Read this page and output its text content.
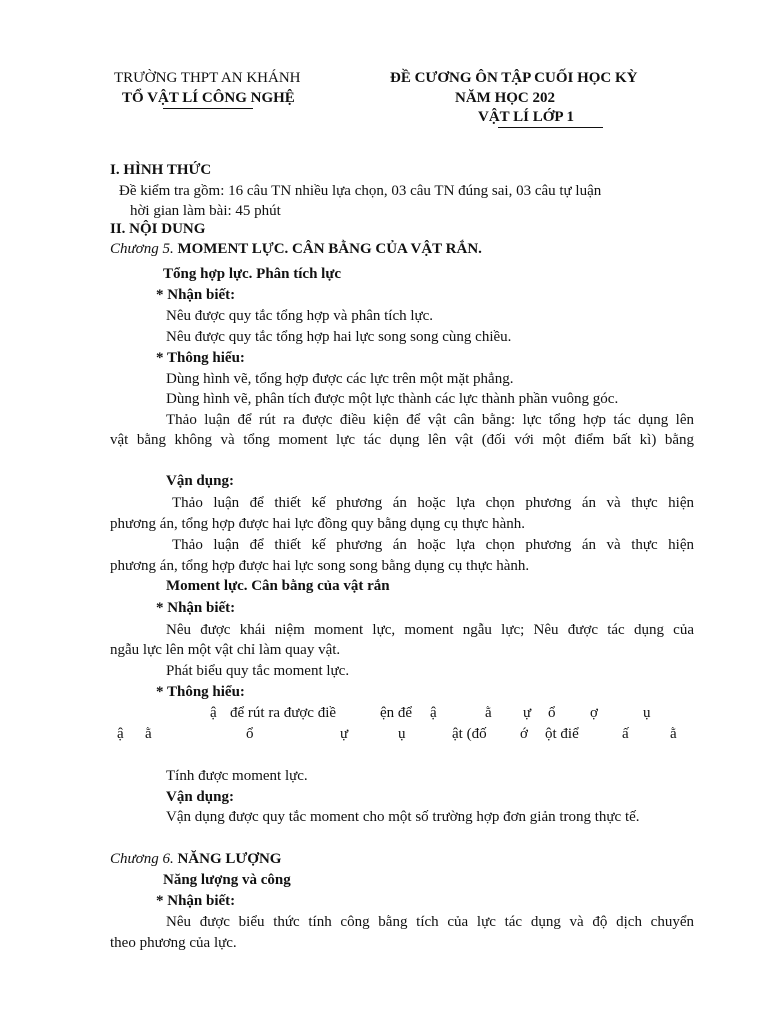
TRƯỜNG THPT AN KHÁNH
TỔ VẬT LÍ CÔNG NGHỆ
ĐỀ CƯƠNG ÔN TẬP CUỐI HỌC KỲ
NĂM HỌC 202
VẬT LÍ LỚP 1
I. HÌNH THỨC
Đề kiểm tra gồm: 16 câu TN nhiều lựa chọn, 03 câu TN đúng sai, 03 câu tự luận
hời gian làm bài: 45 phút
II. NỘI DUNG
Chương 5. MOMENT LỰC. CÂN BẰNG CỦA VẬT RẮN.
Tổng hợp lực. Phân tích lực
* Nhận biết:
Nêu được quy tắc tổng hợp và phân tích lực.
Nêu được quy tắc tổng hợp hai lực song song cùng chiều.
* Thông hiểu:
Dùng hình vẽ, tổng hợp được các lực trên một mặt phẳng.
Dùng hình vẽ, phân tích được một lực thành các lực thành phần vuông góc.
Thảo luận để rút ra được điều kiện để vật cân bằng: lực tổng hợp tác dụng lên
vật bằng không và tổng moment lực tác dụng lên vật (đối với một điểm bất kì) bằng
Vận dụng:
Thảo luận để thiết kế phương án hoặc lựa chọn phương án và thực hiện
phương án, tổng hợp được hai lực đồng quy bằng dụng cụ thực hành.
Thảo luận để thiết kế phương án hoặc lựa chọn phương án và thực hiện
phương án, tổng hợp được hai lực song song bằng dụng cụ thực hành.
Moment lực. Cân bằng của vật rắn
* Nhận biết:
Nêu được khái niệm moment lực, moment ngẫu lực; Nêu được tác dụng của
ngẫu lực lên một vật chỉ làm quay vật.
Phát biểu quy tắc moment lực.
* Thông hiểu:
ậ để rút ra được điề	ện để ậ	ằ ự ổ ợ	ụ
ậ ằ	ổ	ự	ụ	ật (đố ớ ột điể	ấ	ằ
Tính được moment lực.
Vận dụng:
Vận dụng được quy tắc moment cho một số trường hợp đơn giản trong thực tế.
Chương 6. NĂNG LƯỢNG
Năng lượng và công
* Nhận biết:
Nêu được biểu thức tính công bằng tích của lực tác dụng và độ dịch chuyển
theo phương của lực.
